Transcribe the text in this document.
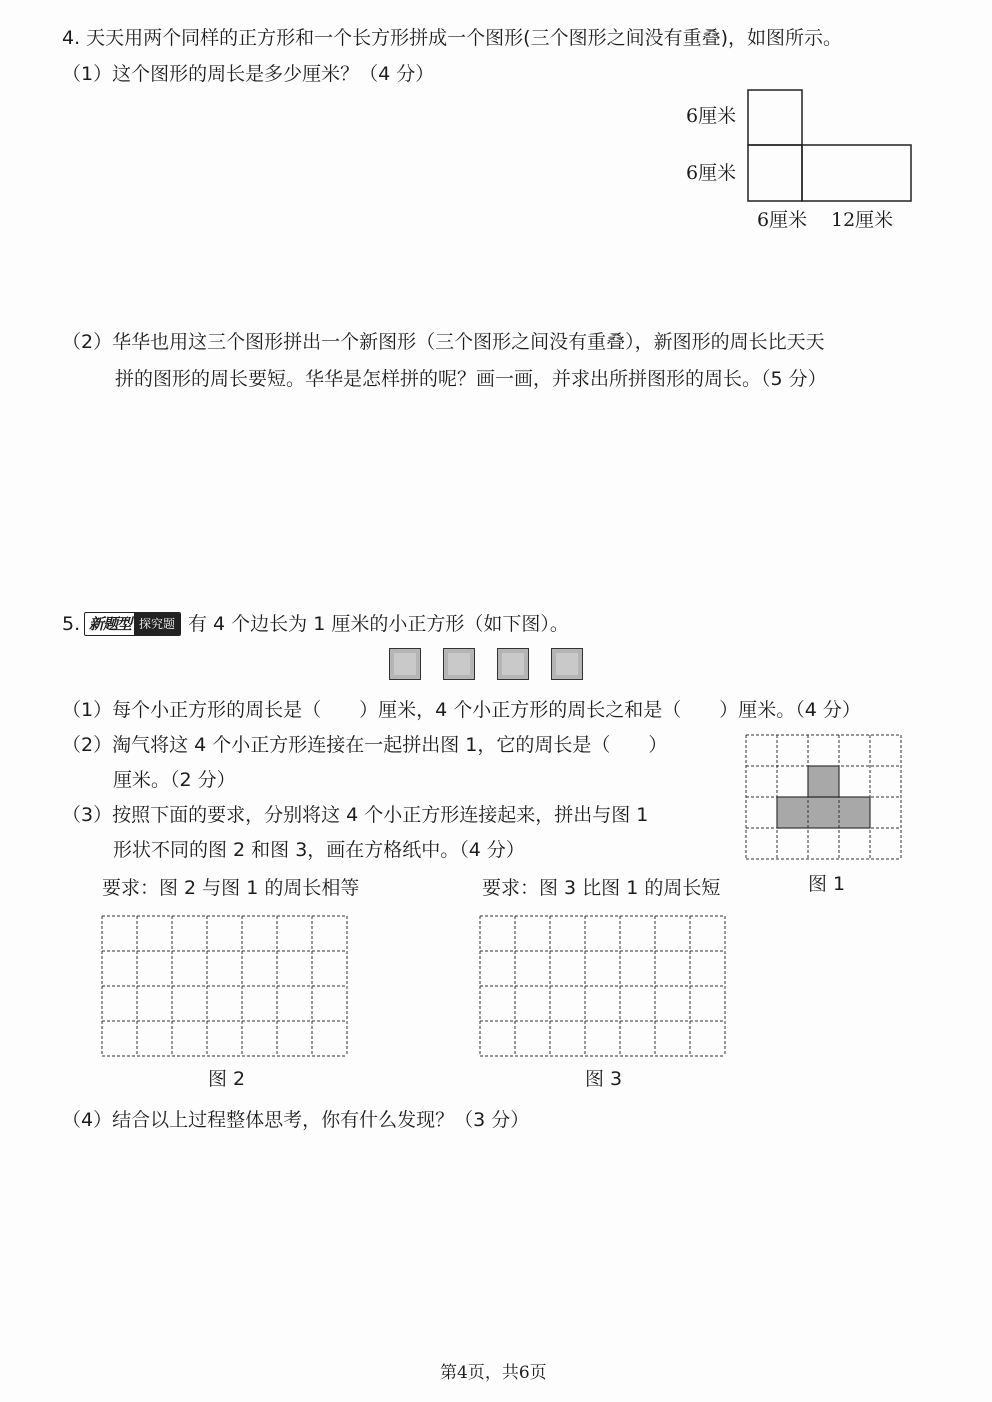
4. 天天用两个同样的正方形和一个长方形拼成一个图形(三个图形之间没有重叠)，如图所示。
（1）这个图形的周长是多少厘米？（4 分）
6厘米
6厘米
6厘米 12厘米
（2）华华也用这三个图形拼出一个新图形（三个图形之间没有重叠），新图形的周长比天天
拼的图形的周长要短。华华是怎样拼的呢？画一画，并求出所拼图形的周长。（5 分）
5. 新题型 探究题 有 4 个边长为 1 厘米的小正方形（如下图）。
（1）每个小正方形的周长是（　　）厘米，4 个小正方形的周长之和是（　　）厘米。（4 分）
（2）淘气将这 4 个小正方形连接在一起拼出图 1，它的周长是（　　）
厘米。（2 分）
（3）按照下面的要求，分别将这 4 个小正方形连接起来，拼出与图 1
形状不同的图 2 和图 3，画在方格纸中。（4 分）
图 1
要求：图 2 与图 1 的周长相等	要求：图 3 比图 1 的周长短
图 2	图 3
（4）结合以上过程整体思考，你有什么发现？（3 分）
第4页，共6页
